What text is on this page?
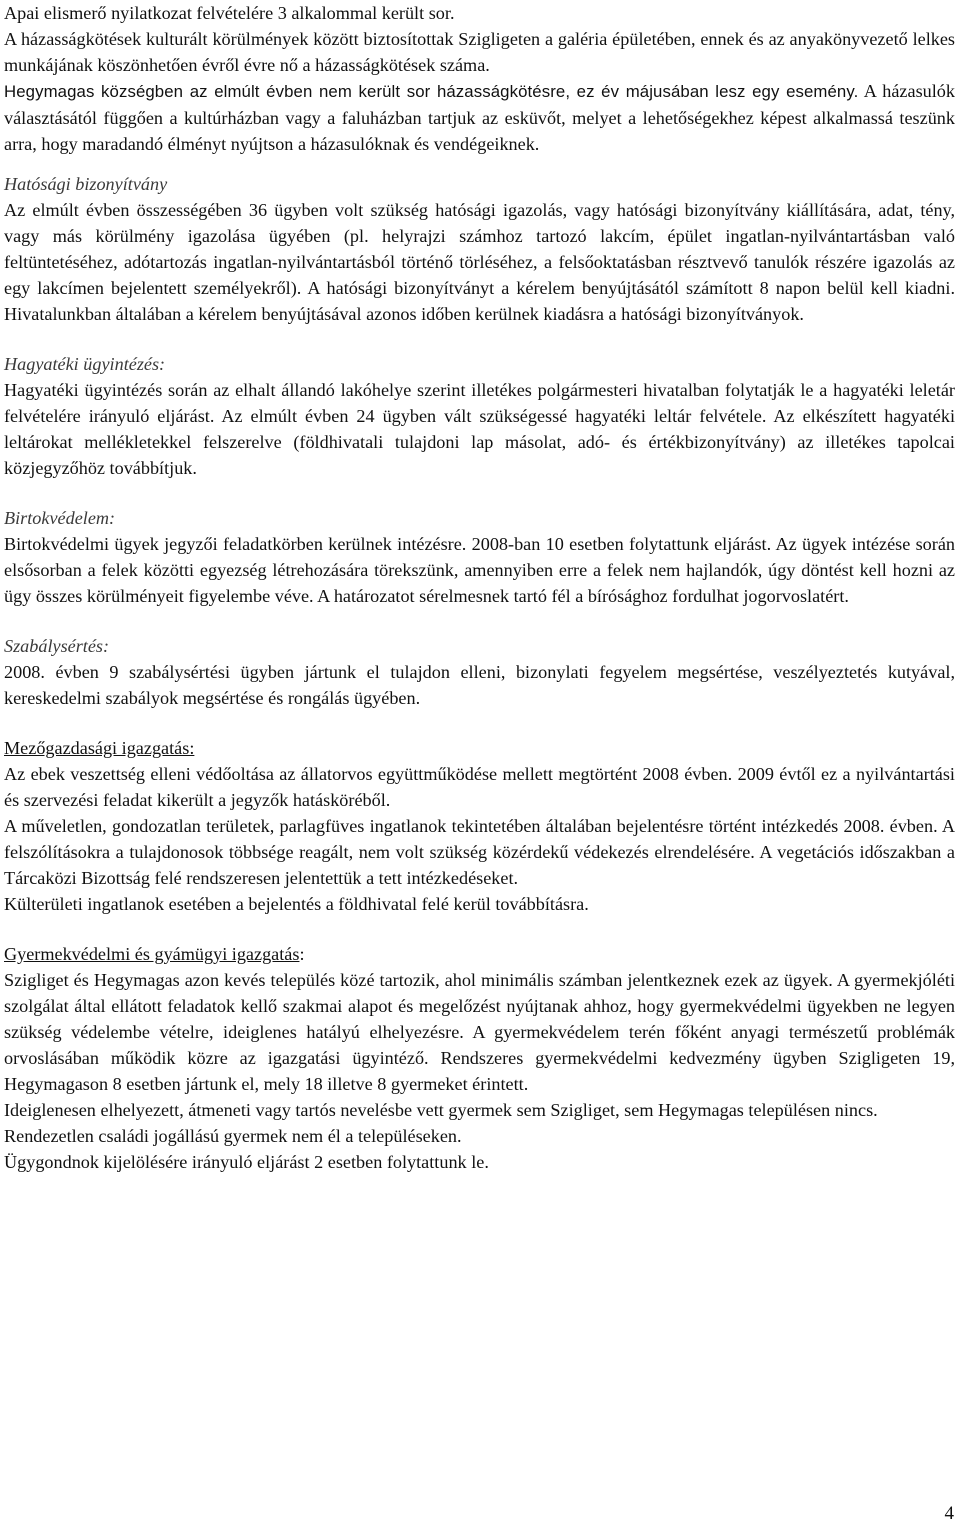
Apai elismerő nyilatkozat felvételére 3 alkalommal került sor.

A házasságkötések kulturált körülmények között biztosítottak Szigligeten a galéria épületében, ennek és az anyakönyvezető lelkes munkájának köszönhetően évről évre nő a házasságkötések száma.

Hegymagas községben az elmúlt évben nem került sor házasságkötésre, ez év májusában lesz egy esemény. A házasulók választásától függően a kultúrházban vagy a faluházban tartjuk az esküvőt, melyet a lehetőségekhez képest alkalmassá teszünk arra, hogy maradandó élményt nyújtson a házasulóknak és vendégeiknek.

Hatósági bizonyítvány

Az elmúlt évben összességében 36 ügyben volt szükség hatósági igazolás, vagy hatósági bizonyítvány kiállítására, adat, tény, vagy más körülmény igazolása ügyében (pl. helyrajzi számhoz tartozó lakcím, épület ingatlan-nyilvántartásban való feltüntetéséhez, adótartozás ingatlan-nyilvántartásból történő törléséhez, a felsőoktatásban résztvevő tanulók részére igazolás az egy lakcímen bejelentett személyekről). A hatósági bizonyítványt a kérelem benyújtásától számított 8 napon belül kell kiadni. Hivatalunkban általában a kérelem benyújtásával azonos időben kerülnek kiadásra a hatósági bizonyítványok.

Hagyatéki ügyintézés:

Hagyatéki ügyintézés során az elhalt állandó lakóhelye szerint illetékes polgármesteri hivatalban folytatják le a hagyatéki leletár felvételére irányuló eljárást. Az elmúlt évben 24 ügyben vált szükségessé hagyatéki leltár felvétele. Az elkészített hagyatéki leltárokat mellékletekkel felszerelve (földhivatali tulajdoni lap másolat, adó- és értékbizonyítvány) az illetékes tapolcai közjegyzőhöz továbbítjuk.

Birtokvédelem:

Birtokvédelmi ügyek jegyzői feladatkörben kerülnek intézésre. 2008-ban 10 esetben folytattunk eljárást. Az ügyek intézése során elsősorban a felek közötti egyezség létrehozására törekszünk, amennyiben erre a felek nem hajlandók, úgy döntést kell hozni az ügy összes körülményeit figyelembe véve. A határozatot sérelmesnek tartó fél a bírósághoz fordulhat jogorvoslatért.

Szabálysértés:

2008. évben 9 szabálysértési ügyben jártunk el tulajdon elleni, bizonylati fegyelem megsértése, veszélyeztetés kutyával, kereskedelmi szabályok megsértése és rongálás ügyében.

Mezőgazdasági igazgatás:

Az ebek veszettség elleni védőoltása az állatorvos együttműködése mellett megtörtént 2008 évben. 2009 évtől ez a nyilvántartási és szervezési feladat kikerült a jegyzők hatásköréből.

A műveletlen, gondozatlan területek, parlagfüves ingatlanok tekintetében általában bejelentésre történt intézkedés 2008. évben. A felszólításokra a tulajdonosok többsége reagált, nem volt szükség közérdekű védekezés elrendelésére. A vegetációs időszakban a Tárcaközi Bizottság felé rendszeresen jelentettük a tett intézkedéseket.

Külterületi ingatlanok esetében a bejelentés a földhivatal felé kerül továbbításra.

Gyermekvédelmi és gyámügyi igazgatás:

Szigliget és Hegymagas azon kevés település közé tartozik, ahol minimális számban jelentkeznek ezek az ügyek. A gyermekjóléti szolgálat által ellátott feladatok kellő szakmai alapot és megelőzést nyújtanak ahhoz, hogy gyermekvédelmi ügyekben ne legyen szükség védelembe vételre, ideiglenes hatályú elhelyezésre. A gyermekvédelem terén főként anyagi természetű problémák orvoslásában működik közre az igazgatási ügyintéző. Rendszeres gyermekvédelmi kedvezmény ügyben Szigligeten 19, Hegymagason 8 esetben jártunk el, mely 18 illetve 8 gyermeket érintett.

Ideiglenesen elhelyezett, átmeneti vagy tartós nevelésbe vett gyermek sem Szigliget, sem Hegymagas településen nincs.

Rendezetlen családi jogállású gyermek nem él a településeken.

Ügygondnok kijelölésére irányuló eljárást 2 esetben folytattunk le.

4
